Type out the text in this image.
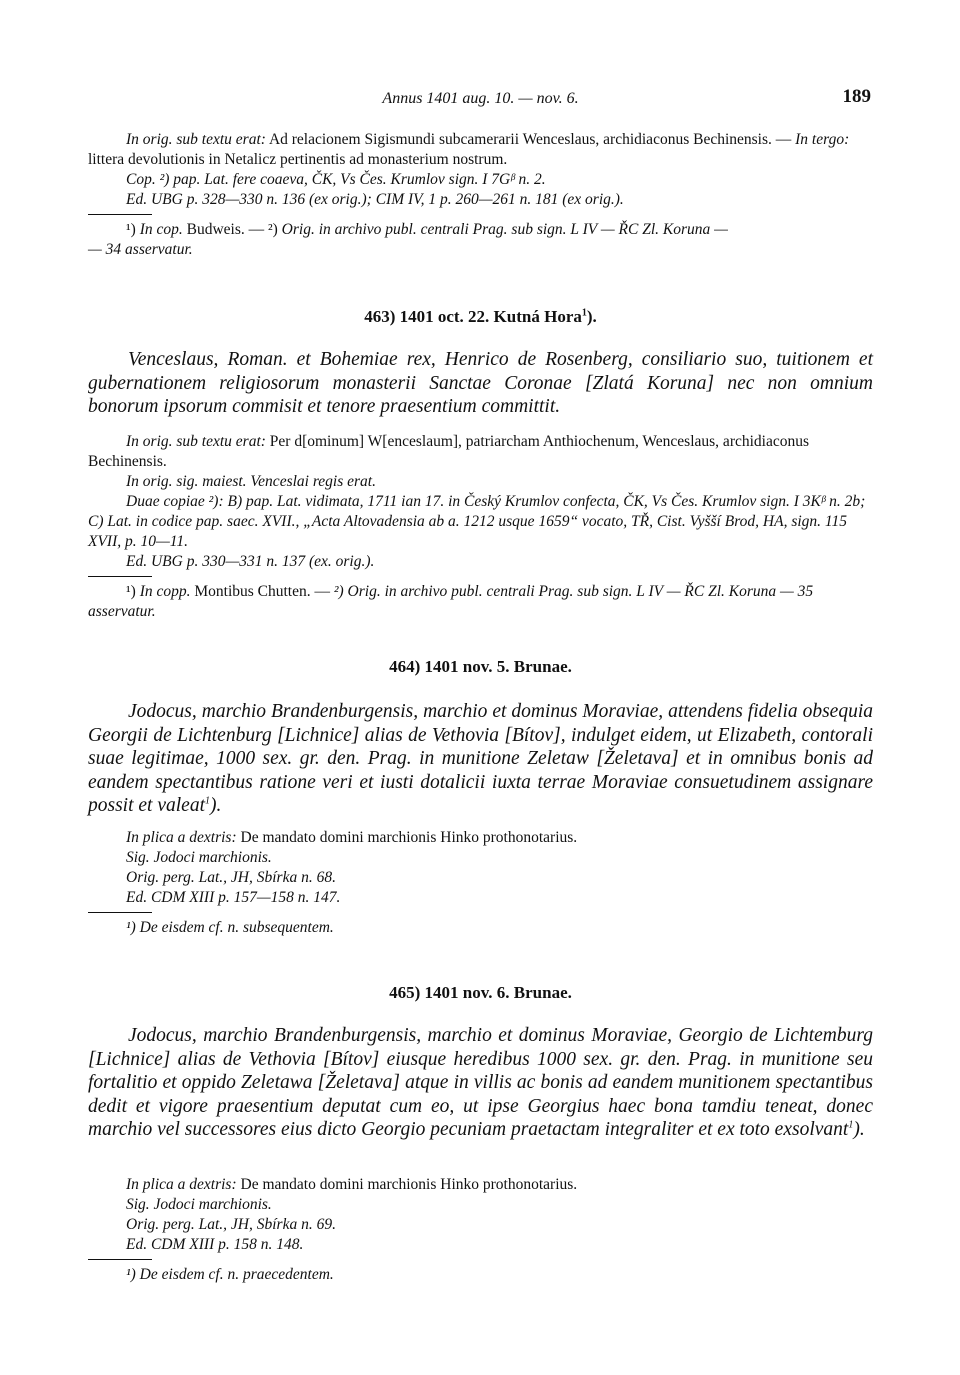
Annus 1401 aug. 10. — nov. 6.	189

In orig. sub textu erat: Ad relacionem Sigismundi subcamerarii Wenceslaus, archidiaconus Bechinensis. — In tergo: littera devolutionis in Netalicz pertinentis ad monasterium nostrum.

Cop. ²) pap. Lat. fere coaeva, ČK, Vs Čes. Krumlov sign. I 7Gᵝ n. 2.

Ed. UBG p. 328—330 n. 136 (ex orig.); CIM IV, 1 p. 260—261 n. 181 (ex orig.).

¹) In cop. Budweis. — ²) Orig. in archivo publ. centrali Prag. sub sign. L IV — ŘC Zl. Koruna —

— 34 asservatur.

463) 1401 oct. 22. Kutná Hora$^1$).

Venceslaus, Roman. et Bohemiae rex, Henrico de Rosenberg, consiliario suo, tuitionem et gubernationem religiosorum monasterii Sanctae Coronae [Zlatá Koruna] nec non omnium bonorum ipsorum commisit et tenore praesentium committit.

In orig. sub textu erat: Per d[ominum] W[enceslaum], patriarcham Anthiochenum, Wenceslaus, archidiaconus Bechinensis.

In orig. sig. maiest. Venceslai regis erat.

Duae copiae ²): B) pap. Lat. vidimata, 1711 ian 17. in Český Krumlov confecta, ČK, Vs Čes. Krumlov sign. I 3Kᵝ n. 2b; C) Lat. in codice pap. saec. XVII., „Acta Altovadensia ab a. 1212 usque 1659“ vocato, TŘ, Cist. Vyšší Brod, HA, sign. 115 XVII, p. 10—11.

Ed. UBG p. 330—331 n. 137 (ex. orig.).

¹) In copp. Montibus Chutten. — ²) Orig. in archivo publ. centrali Prag. sub sign. L IV — ŘC Zl. Koruna — 35 asservatur.

464) 1401 nov. 5. Brunae.

Jodocus, marchio Brandenburgensis, marchio et dominus Moraviae, attendens fidelia obsequia Georgii de Lichtenburg [Lichnice] alias de Vethovia [Bítov], indulget eidem, ut Elizabeth, contorali suae legitimae, 1000 sex. gr. den. Prag. in munitione Zeletaw [Želetava] et in omnibus bonis ad eandem spectantibus ratione veri et iusti dotalicii iuxta terrae Moraviae consuetudinem assignare possit et valeat$^1$).

In plica a dextris: De mandato domini marchionis Hinko prothonotarius.

Sig. Jodoci marchionis.

Orig. perg. Lat., JH, Sbírka n. 68.

Ed. CDM XIII p. 157—158 n. 147.

¹) De eisdem cf. n. subsequentem.

465) 1401 nov. 6. Brunae.

Jodocus, marchio Brandenburgensis, marchio et dominus Moraviae, Georgio de Lichtemburg [Lichnice] alias de Vethovia [Bítov] eiusque heredibus 1000 sex. gr. den. Prag. in munitione seu fortalitio et oppido Zeletawa [Želetava] atque in villis ac bonis ad eandem munitionem spectantibus dedit et vigore praesentium deputat cum eo, ut ipse Georgius haec bona tamdiu teneat, donec marchio vel successores eius dicto Georgio pecuniam praetactam integraliter et ex toto exsolvant$^1$).

In plica a dextris: De mandato domini marchionis Hinko prothonotarius.

Sig. Jodoci marchionis.

Orig. perg. Lat., JH, Sbírka n. 69.

Ed. CDM XIII p. 158 n. 148.

¹) De eisdem cf. n. praecedentem.
